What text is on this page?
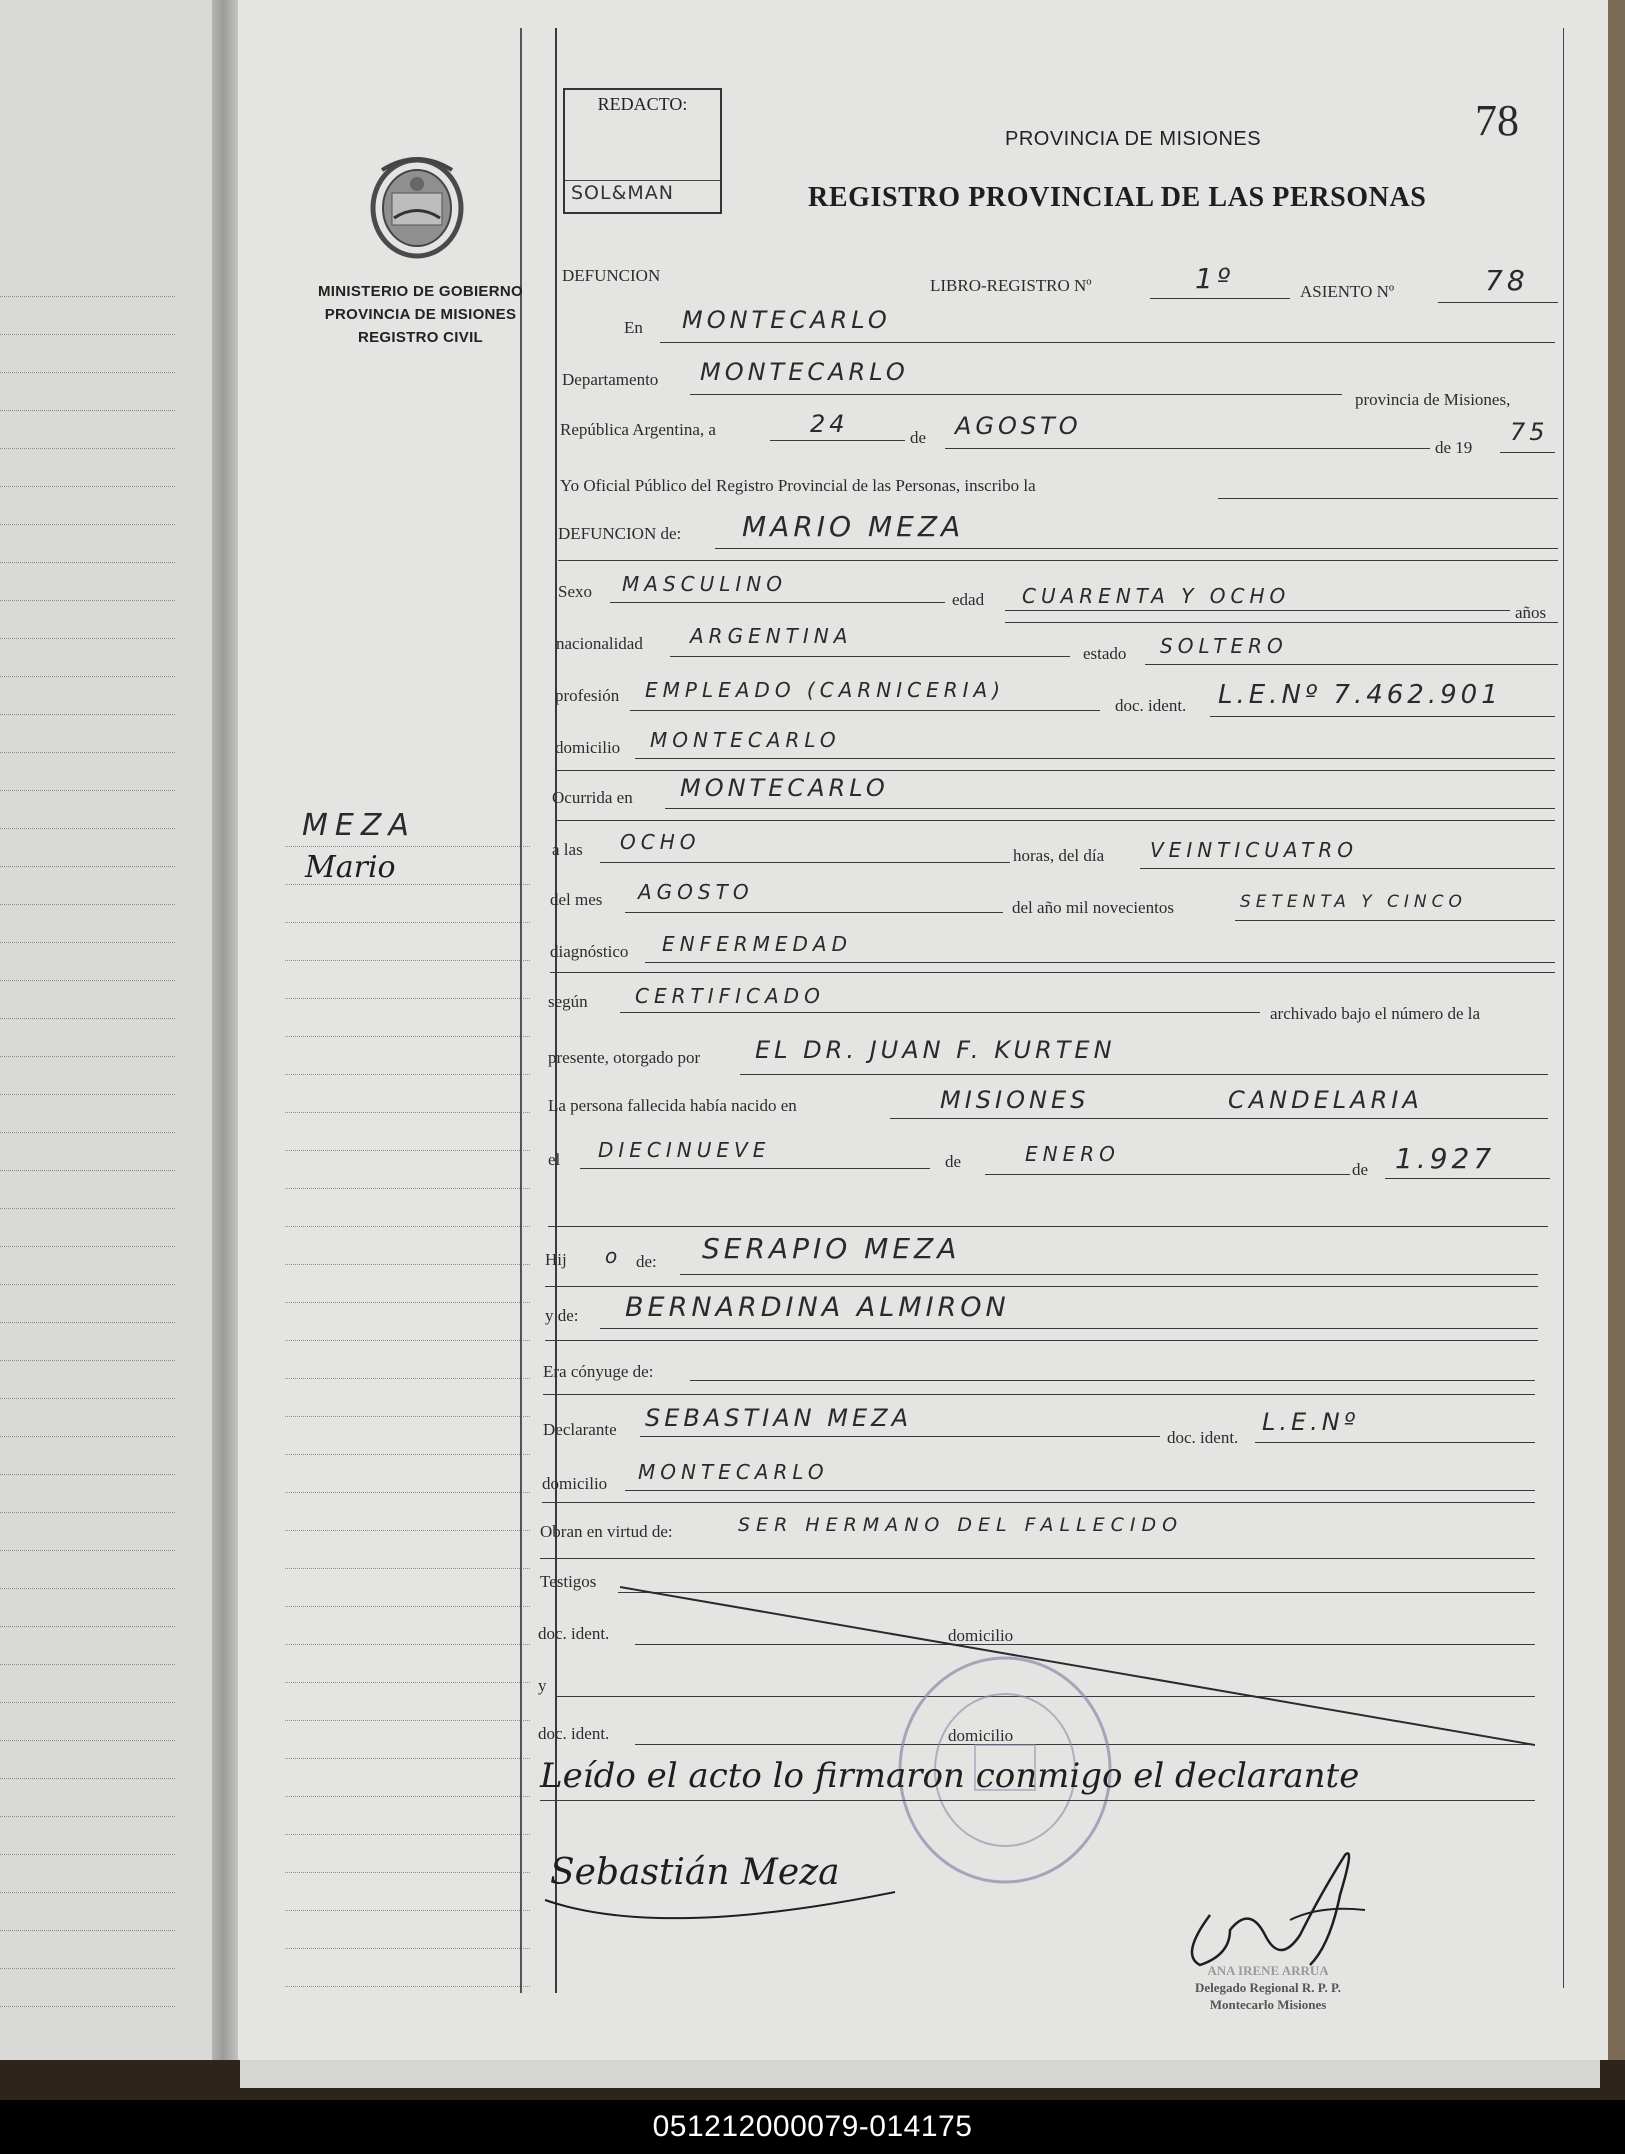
MINISTERIO DE GOBIERNO
PROVINCIA DE MISIONES
REGISTRO CIVIL
MEZA
Mario
REDACTO:
SOL&MAN
PROVINCIA DE MISIONES
REGISTRO PROVINCIAL DE LAS PERSONAS
78
DEFUNCION
LIBRO-REGISTRO Nº	1º	ASIENTO Nº	78
En MONTECARLO
Departamento MONTECARLO
provincia de Misiones,
República Argentina, a	24	de AGOSTO
de 19
75
Yo Oficial Público del Registro Provincial de las Personas, inscribo la
DEFUNCION de: MARIO MEZA
Sexo MASCULINO
edad CUARENTA Y OCHO
años
nacionalidad ARGENTINA
estado SOLTERO
profesión EMPLEADO (CARNICERIA)
doc. ident. L.E.Nº 7.462.901
domicilio MONTECARLO
Ocurrida en MONTECARLO
a las OCHO
horas, del día VEINTICUATRO
del mes AGOSTO
del año mil novecientos	SETENTA Y CINCO
diagnóstico ENFERMEDAD
según CERTIFICADO
archivado bajo el número de la
presente, otorgado por EL DR. JUAN F. KURTEN
La persona fallecida había nacido en	MISIONES	CANDELARIA
el DIECINUEVE	de	ENERO
de 1.927
Hij o de: SERAPIO MEZA
y de: BERNARDINA ALMIRON
Era cónyuge de:
Declarante SEBASTIAN MEZA
doc. ident.
L.E.Nº
domicilio MONTECARLO
Obran en virtud de:	SER HERMANO DEL FALLECIDO
Testigos
doc. ident.	domicilio
y
doc. ident.	domicilio
Leído el acto lo firmaron conmigo el declarante
Sebastián Meza
ANA IRENE ARRUA
Delegado Regional R. P. P.
Montecarlo Misiones
051212000079-014175
